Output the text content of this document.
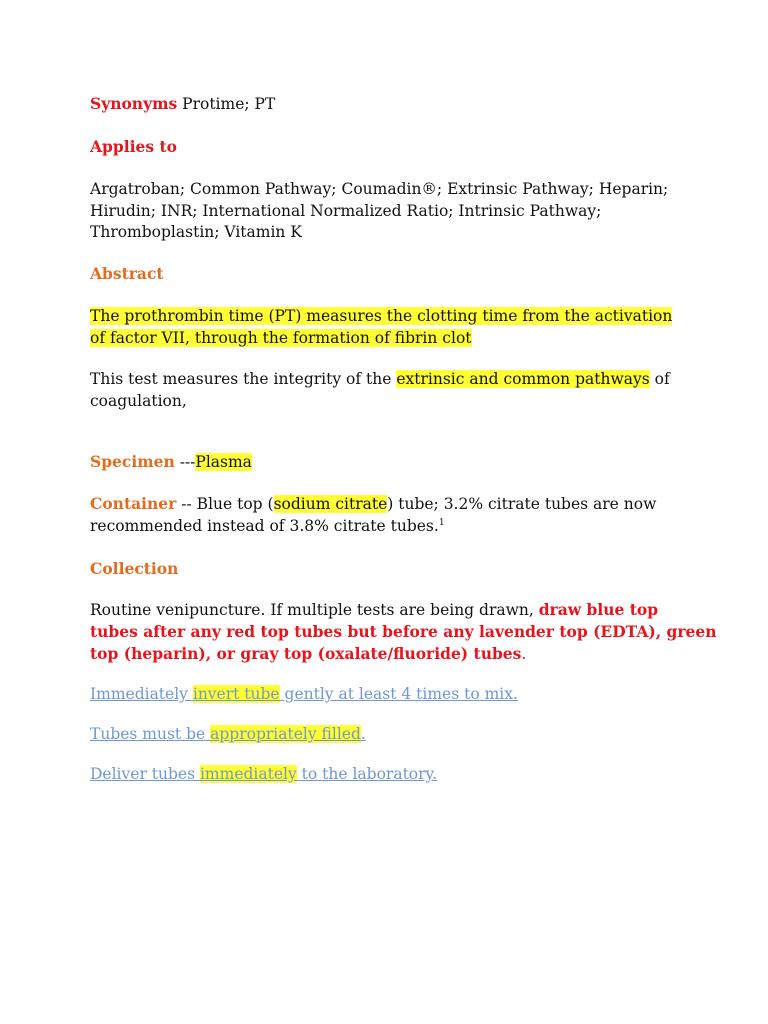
Synonyms Protime; PT
Applies to
Argatroban; Common Pathway; Coumadin®; Extrinsic Pathway; Heparin;
Hirudin; INR; International Normalized Ratio; Intrinsic Pathway;
Thromboplastin; Vitamin K
Abstract
The prothrombin time (PT) measures the clotting time from the activation
of factor VII, through the formation of fibrin clot
This test measures the integrity of the extrinsic and common pathways of
coagulation,
Specimen ---Plasma
Container -- Blue top (sodium citrate) tube; 3.2% citrate tubes are now
recommended instead of 3.8% citrate tubes.$^1$
Collection
Routine venipuncture. If multiple tests are being drawn, draw blue top
tubes after any red top tubes but before any lavender top (EDTA), green
top (heparin), or gray top (oxalate/fluoride) tubes.
Immediately invert tube gently at least 4 times to mix.
Tubes must be appropriately filled.
Deliver tubes immediately to the laboratory.
